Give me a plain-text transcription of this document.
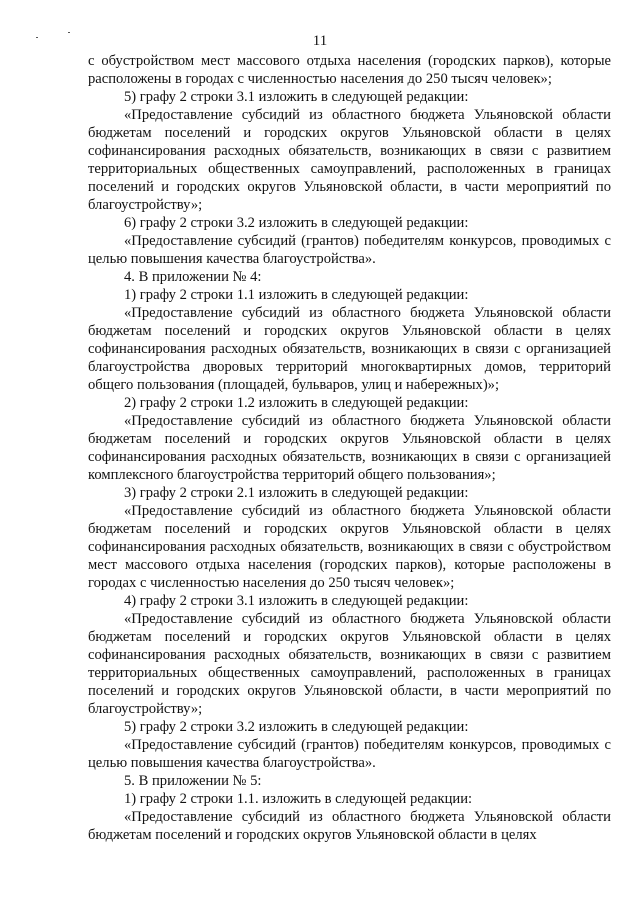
11

с обустройством мест массового отдыха населения (городских парков), которые расположены в городах с численностью населения до 250 тысяч человек»;

5) графу 2 строки 3.1 изложить в следующей редакции:

«Предоставление субсидий из областного бюджета Ульяновской области бюджетам поселений и городских округов Ульяновской области в целях софинансирования расходных обязательств, возникающих в связи с развитием территориальных общественных самоуправлений, расположенных в границах поселений и городских округов Ульяновской области, в части мероприятий по благоустройству»;

6) графу 2 строки 3.2 изложить в следующей редакции:

«Предоставление субсидий (грантов) победителям конкурсов, проводимых с целью повышения качества благоустройства».

4. В приложении № 4:

1) графу 2 строки 1.1 изложить в следующей редакции:

«Предоставление субсидий из областного бюджета Ульяновской области бюджетам поселений и городских округов Ульяновской области в целях софинансирования расходных обязательств, возникающих в связи с организацией благоустройства дворовых территорий многоквартирных домов, территорий общего пользования (площадей, бульваров, улиц и набережных)»;

2) графу 2 строки 1.2 изложить в следующей редакции:

«Предоставление субсидий из областного бюджета Ульяновской области бюджетам поселений и городских округов Ульяновской области в целях софинансирования расходных обязательств, возникающих в связи с организацией комплексного благоустройства территорий общего пользования»;

3) графу 2 строки 2.1 изложить в следующей редакции:

«Предоставление субсидий из областного бюджета Ульяновской области бюджетам поселений и городских округов Ульяновской области в целях софинансирования расходных обязательств, возникающих в связи с обустройством мест массового отдыха населения (городских парков), которые расположены в городах с численностью населения до 250 тысяч человек»;

4) графу 2 строки 3.1 изложить в следующей редакции:

«Предоставление субсидий из областного бюджета Ульяновской области бюджетам поселений и городских округов Ульяновской области в целях софинансирования расходных обязательств, возникающих в связи с развитием территориальных общественных самоуправлений, расположенных в границах поселений и городских округов Ульяновской области, в части мероприятий по благоустройству»;

5) графу 2 строки 3.2 изложить в следующей редакции:

«Предоставление субсидий (грантов) победителям конкурсов, проводимых с целью повышения качества благоустройства».

5. В приложении № 5:

1) графу 2 строки 1.1. изложить в следующей редакции:

«Предоставление субсидий из областного бюджета Ульяновской области бюджетам поселений и городских округов Ульяновской области в целях
